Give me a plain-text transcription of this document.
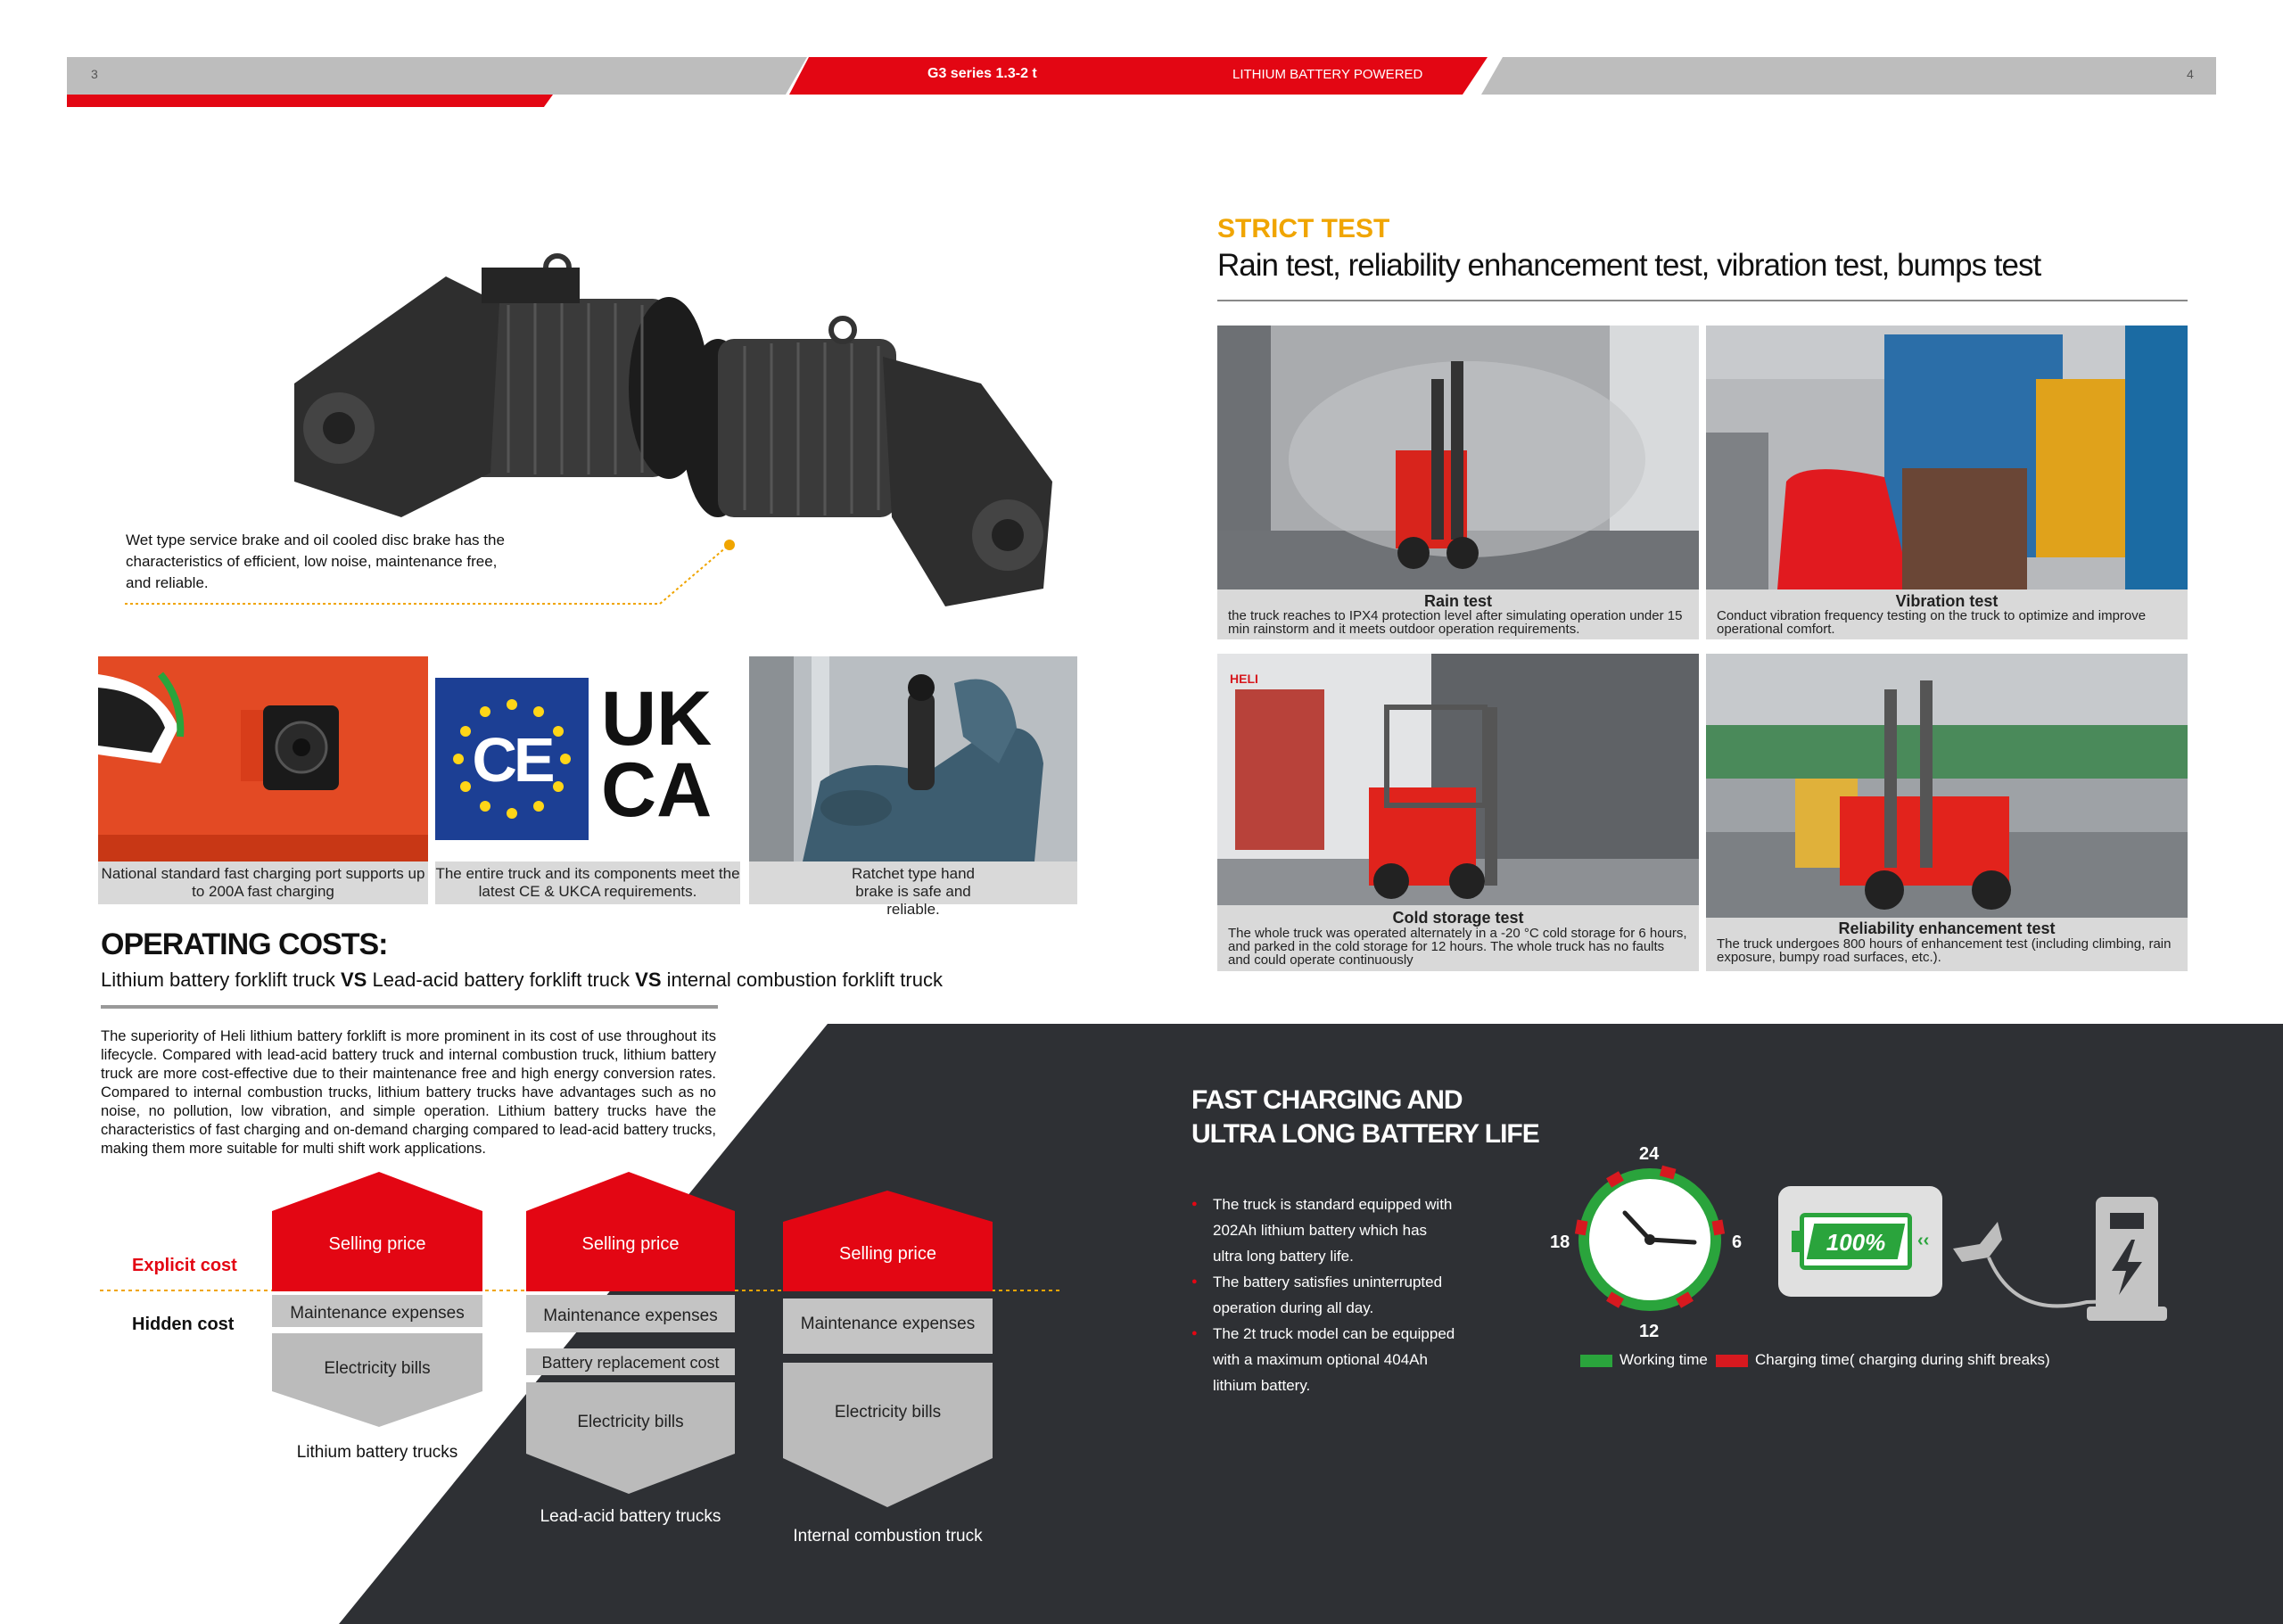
3	4
G3 series 1.3-2 t	LITHIUM BATTERY POWERED
TABLE AND RELIABLE
The product is designed with the concept of stability and reliability, and has undergone multiple rigorous tests and verifications.
Wet type service brake and oil cooled disc brake has the characteristics of efficient, low noise, maintenance free, and reliable.
National standard fast charging port supports up to 200A fast charging
CE UK
CA
The entire truck and its components meet the latest CE & UKCA requirements.
Ratchet type hand brake is safe and reliable.
STRICT TEST
Rain test, reliability enhancement test, vibration test, bumps test
Rain test
the truck reaches to IPX4 protection level after simulating operation under 15 min rainstorm and it meets outdoor operation requirements.
Vibration test
Conduct vibration frequency testing on the truck to optimize and improve operational comfort.
HELI
Cold storage test
The whole truck was operated alternately in a -20 °C cold storage for 6 hours, and parked in the cold storage for 12 hours. The whole truck has no faults and could operate continuously
Reliability enhancement test
The truck undergoes 800 hours of enhancement test (including climbing, rain exposure, bumpy road surfaces, etc.).
OPERATING COSTS:
Lithium battery forklift truck VS Lead-acid battery forklift truck VS internal combustion forklift truck
The superiority of Heli lithium battery forklift is more prominent in its cost of use throughout its lifecycle. Compared with lead-acid battery truck and internal combustion truck, lithium battery truck are more cost-effective due to their maintenance free and high energy conversion rates. Compared to internal combustion trucks, lithium battery trucks have advantages such as no noise, no pollution, low vibration, and simple operation. Lithium battery trucks have the characteristics of fast charging and on-demand charging compared to lead-acid battery trucks, making them more suitable for multi shift work applications.
Explicit cost
Hidden cost
Selling price
Maintenance expenses
Electricity bills
Lithium battery trucks
Selling price
Maintenance expenses
Battery replacement cost
Electricity bills
Lead-acid battery trucks
Selling price
Maintenance expenses
Electricity bills
Internal combustion truck
FAST CHARGING AND
ULTRA LONG BATTERY LIFE

● The truck is standard equipped with 202Ah lithium battery which has ultra long battery life.

● The battery satisfies uninterrupted operation during all day.

● The 2t truck model can be equipped with a maximum optional 404Ah lithium battery.

24
6
12
18	100%	‹‹
Working time	Charging time( charging during shift breaks)
